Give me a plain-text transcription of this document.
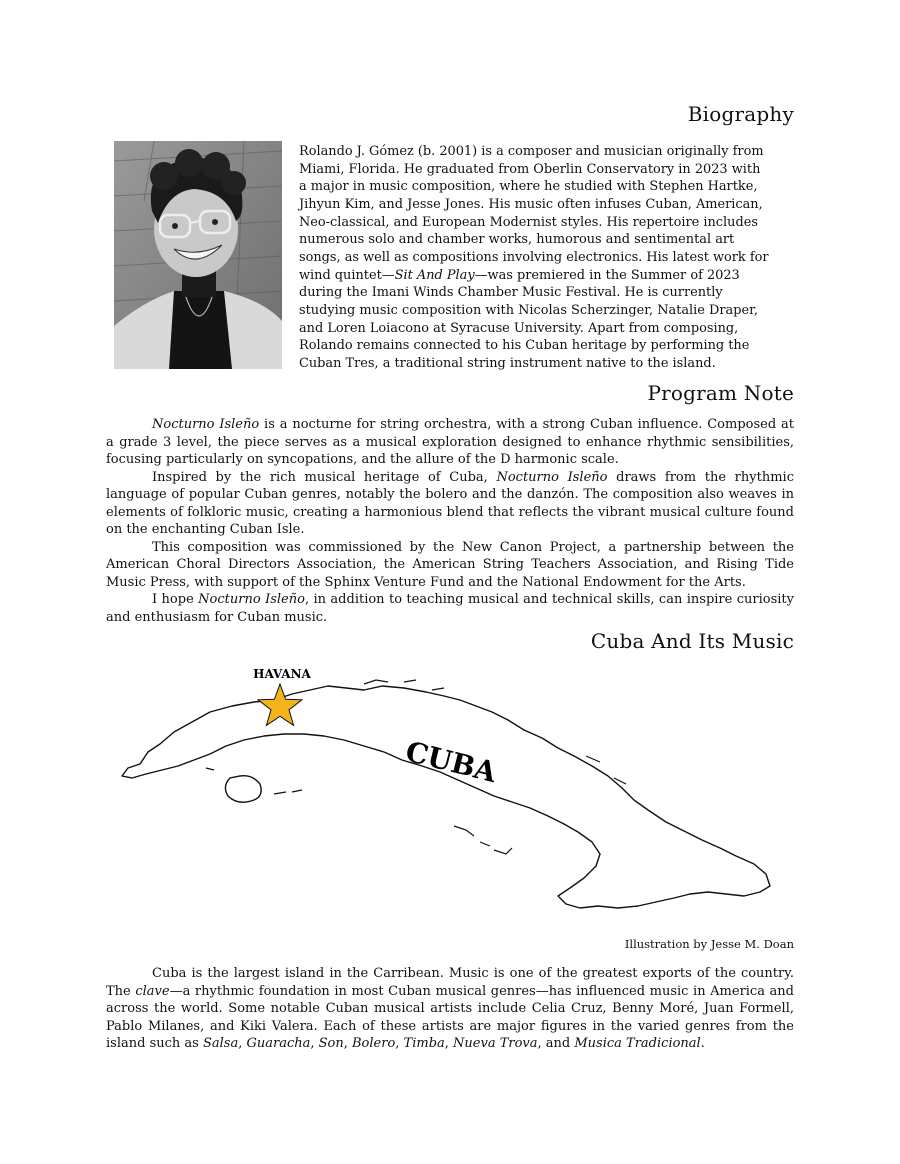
Biography

Rolando J. Gómez (b. 2001) is a composer and musician originally from Miami, Florida. He graduated from Oberlin Conservatory in 2023 with a major in music composition, where he studied with Stephen Hartke, Jihyun Kim, and Jesse Jones. His music often infuses Cuban, American, Neo-classical, and European Modernist styles. His repertoire includes numerous solo and chamber works, humorous and sentimental art songs, as well as compositions involving electronics. His latest work for wind quintet—Sit And Play—was premiered in the Summer of 2023 during the Imani Winds Chamber Music Festival. He is currently studying music composition with Nicolas Scherzinger, Natalie Draper, and Loren Loiacono at Syracuse University. Apart from composing, Rolando remains connected to his Cuban heritage by performing the Cuban Tres, a traditional string instrument native to the island.

Program Note

Nocturno Isleño is a nocturne for string orchestra, with a strong Cuban influence. Composed at a grade 3 level, the piece serves as a musical exploration designed to enhance rhythmic sensibilities, focusing particularly on syncopations, and the allure of the D harmonic scale.

Inspired by the rich musical heritage of Cuba, Nocturno Isleño draws from the rhythmic language of popular Cuban genres, notably the bolero and the danzón. The composition also weaves in elements of folkloric music, creating a harmonious blend that reflects the vibrant musical culture found on the enchanting Cuban Isle.

This composition was commissioned by the New Canon Project, a partnership between the American Choral Directors Association, the American String Teachers Association, and Rising Tide Music Press, with support of the Sphinx Venture Fund and the National Endowment for the Arts.

I hope Nocturno Isleño, in addition to teaching musical and technical skills, can inspire curiosity and enthusiasm for Cuban music.

Cuba And Its Music
HAVANA
CUBA

Illustration by Jesse M. Doan

Cuba is the largest island in the Carribean. Music is one of the greatest exports of the country. The clave—a rhythmic foundation in most Cuban musical genres—has influenced music in America and across the world. Some notable Cuban musical artists include Celia Cruz, Benny Moré, Juan Formell, Pablo Milanes, and Kiki Valera. Each of these artists are major figures in the varied genres from the island such as Salsa, Guaracha, Son, Bolero, Timba, Nueva Trova, and Musica Tradicional.
